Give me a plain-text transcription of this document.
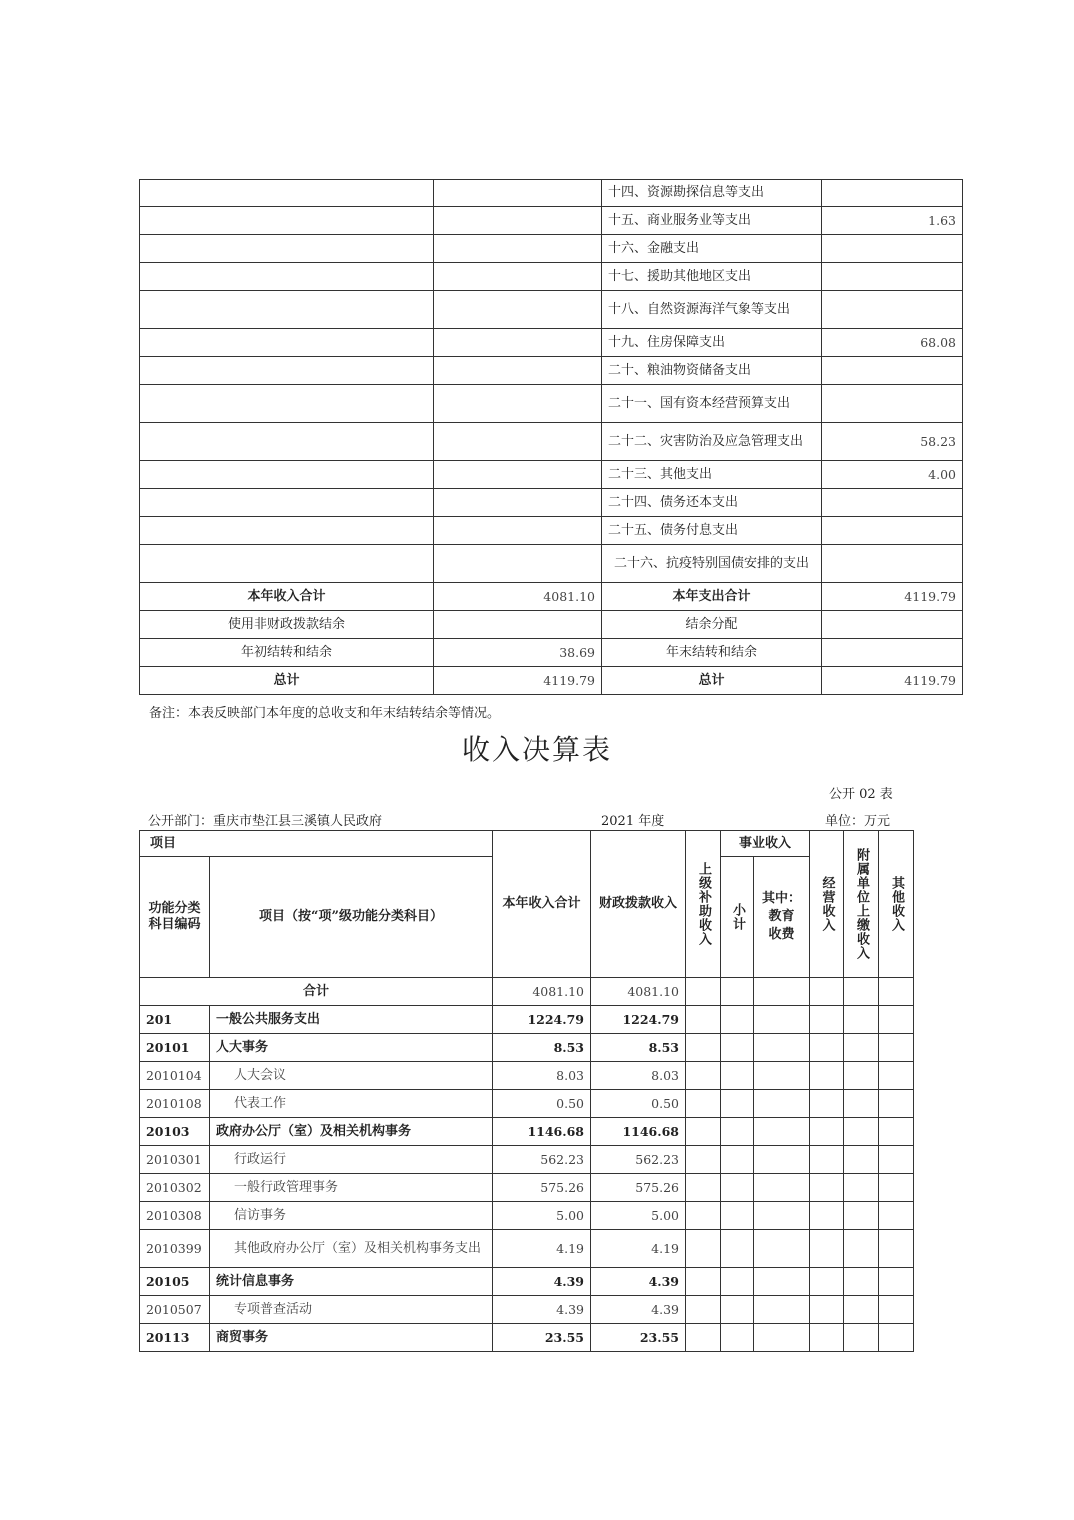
		十四、资源勘探信息等支出	
		十五、商业服务业等支出	1.63
		十六、金融支出	
		十七、援助其他地区支出	
		十八、自然资源海洋气象等支出	
		十九、住房保障支出	68.08
		二十、粮油物资储备支出	
		二十一、国有资本经营预算支出	
		二十二、灾害防治及应急管理支出	58.23
		二十三、其他支出	4.00
		二十四、债务还本支出	
		二十五、债务付息支出	
		二十六、抗疫特别国债安排的支出	
本年收入合计	4081.10	本年支出合计	4119.79
使用非财政拨款结余		结余分配	
年初结转和结余	38.69	年末结转和结余	
总计	4119.79	总计	4119.79
备注：本表反映部门本年度的总收支和年末结转结余等情况。
收入决算表
公开 02 表
公开部门：重庆市垫江县三溪镇人民政府	2021 年度	单位：万元
项目		本年收入合计	财政拨款收入	上级补助收入	事业收入		经营收入	附属单位上缴收入	其他收入

功能分类科目编码	项目（按“项”级功能分类科目）				小计	其中：
教育收费			

合计		4081.10	4081.10						
201	一般公共服务支出	1224.79	1224.79						
20101	人大事务	8.53	8.53						
2010104	人大会议	8.03	8.03						
2010108	代表工作	0.50	0.50						
20103	政府办公厅（室）及相关机构事务	1146.68	1146.68						
2010301	行政运行	562.23	562.23						
2010302	一般行政管理事务	575.26	575.26						
2010308	信访事务	5.00	5.00						
2010399	其他政府办公厅（室）及相关机构事务支出	4.19	4.19						
20105	统计信息事务	4.39	4.39						
2010507	专项普查活动	4.39	4.39						
20113	商贸事务	23.55	23.55						
